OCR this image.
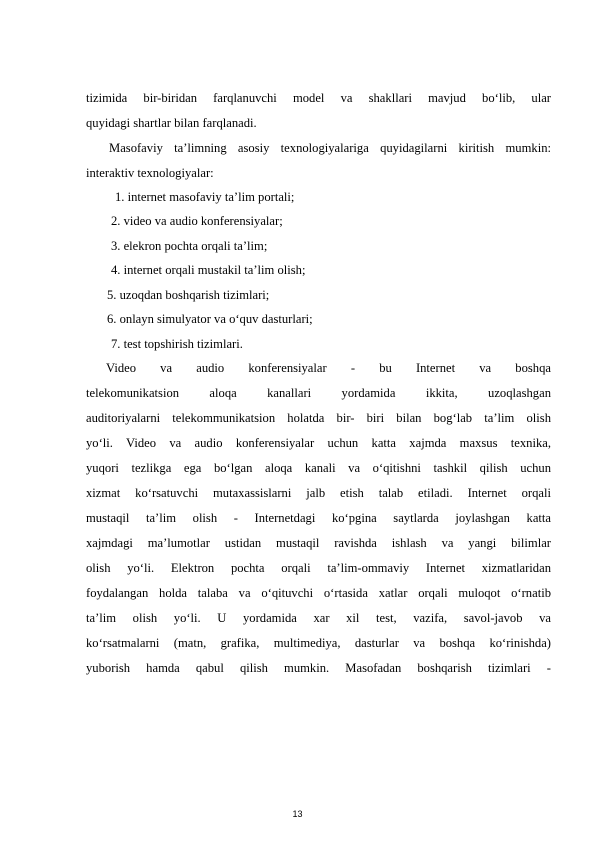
tizimida bir-biridan farqlanuvchi model va shakllari mavjud bo‘lib, ular
quyidagi shartlar bilan farqlanadi.
Masofaviy ta’limning asosiy texnologiyalariga quyidagilarni kiritish mumkin:
interaktiv texnologiyalar:
1. internet masofaviy ta’lim portali;
2. video va audio konferensiyalar;
3. elekron pochta orqali ta’lim;
4. internet orqali mustakil ta’lim olish;
5. uzoqdan boshqarish tizimlari;
6. onlayn simulyator va o‘quv dasturlari;
7. test topshirish tizimlari.
Video va audio konferensiyalar - bu Internet va boshqa
telekomunikatsion aloqa kanallari yordamida ikkita, uzoqlashgan
auditoriyalarni telekommunikatsion holatda bir- biri bilan bog‘lab ta’lim olish
yo‘li. Video va audio konferensiyalar uchun katta xajmda maxsus texnika,
yuqori tezlikga ega bo‘lgan aloqa kanali va o‘qitishni tashkil qilish uchun
xizmat ko‘rsatuvchi mutaxassislarni jalb etish talab etiladi. Internet orqali
mustaqil ta’lim olish - Internetdagi ko‘pgina saytlarda joylashgan katta
xajmdagi ma’lumotlar ustidan mustaqil ravishda ishlash va yangi bilimlar
olish yo‘li. Elektron pochta orqali ta’lim-ommaviy Internet xizmatlaridan
foydalangan holda talaba va o‘qituvchi o‘rtasida xatlar orqali muloqot o‘rnatib
ta’lim olish yo‘li. U yordamida xar xil test, vazifa, savol-javob va
ko‘rsatmalarni (matn, grafika, multimediya, dasturlar va boshqa ko‘rinishda)
yuborish hamda qabul qilish mumkin. Masofadan boshqarish tizimlari -
13
